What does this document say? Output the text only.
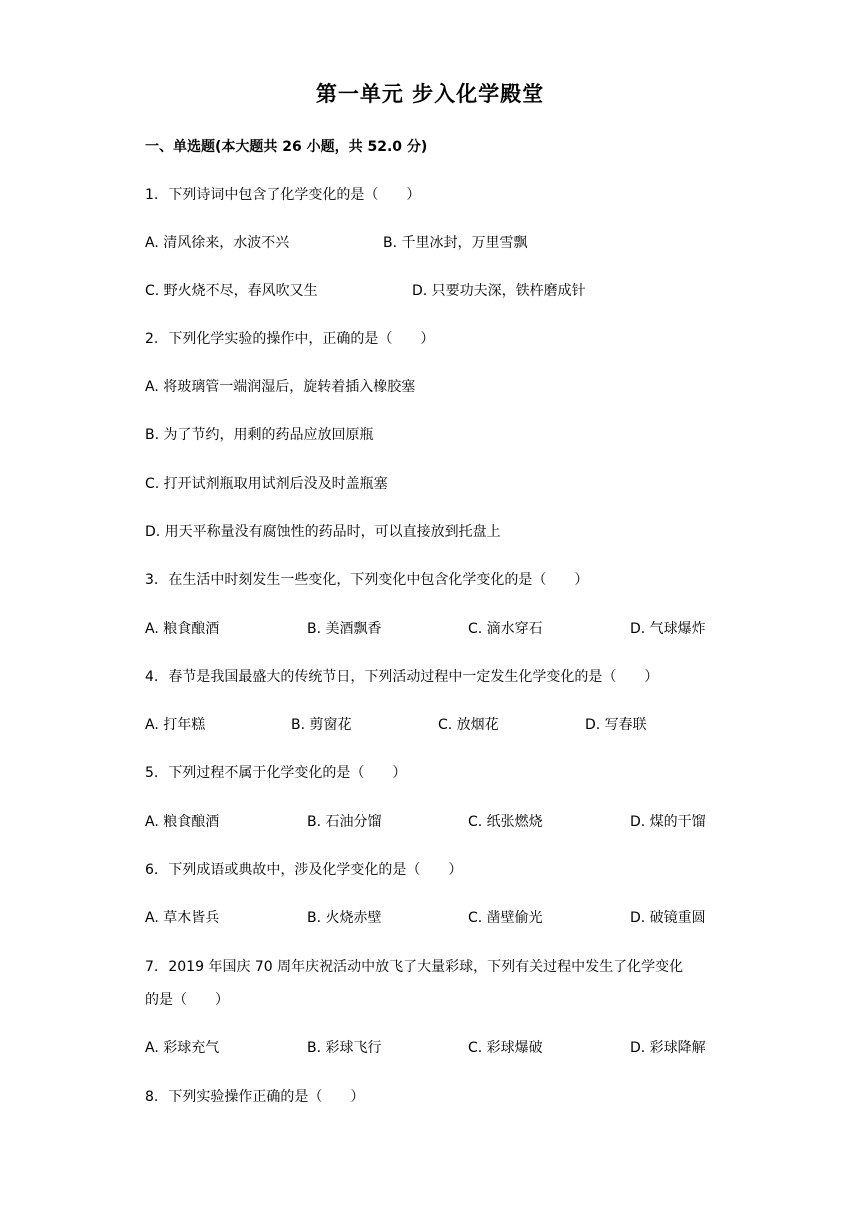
第一单元 步入化学殿堂
一、单选题(本大题共 26 小题，共 52.0 分)
1. 下列诗词中包含了化学变化的是（　　）
A. 清风徐来，水波不兴	B. 千里冰封，万里雪飘
C. 野火烧不尽，春风吹又生	D. 只要功夫深，铁杵磨成针
2. 下列化学实验的操作中，正确的是（　　）
A. 将玻璃管一端润湿后，旋转着插入橡胶塞
B. 为了节约，用剩的药品应放回原瓶
C. 打开试剂瓶取用试剂后没及时盖瓶塞
D. 用天平称量没有腐蚀性的药品时，可以直接放到托盘上
3. 在生活中时刻发生一些变化，下列变化中包含化学变化的是（　　）
A. 粮食酿酒	B. 美酒飘香	C. 滴水穿石	D. 气球爆炸
4. 春节是我国最盛大的传统节日，下列活动过程中一定发生化学变化的是（　　）
A. 打年糕	B. 剪窗花	C. 放烟花	D. 写春联
5. 下列过程不属于化学变化的是（　　）
A. 粮食酿酒	B. 石油分馏	C. 纸张燃烧	D. 煤的干馏
6. 下列成语或典故中，涉及化学变化的是（　　）
A. 草木皆兵	B. 火烧赤壁	C. 凿壁偷光	D. 破镜重圆
7. 2019 年国庆 70 周年庆祝活动中放飞了大量彩球，下列有关过程中发生了化学变化
的是（　　）
A. 彩球充气	B. 彩球飞行	C. 彩球爆破	D. 彩球降解
8. 下列实验操作正确的是（　　）
